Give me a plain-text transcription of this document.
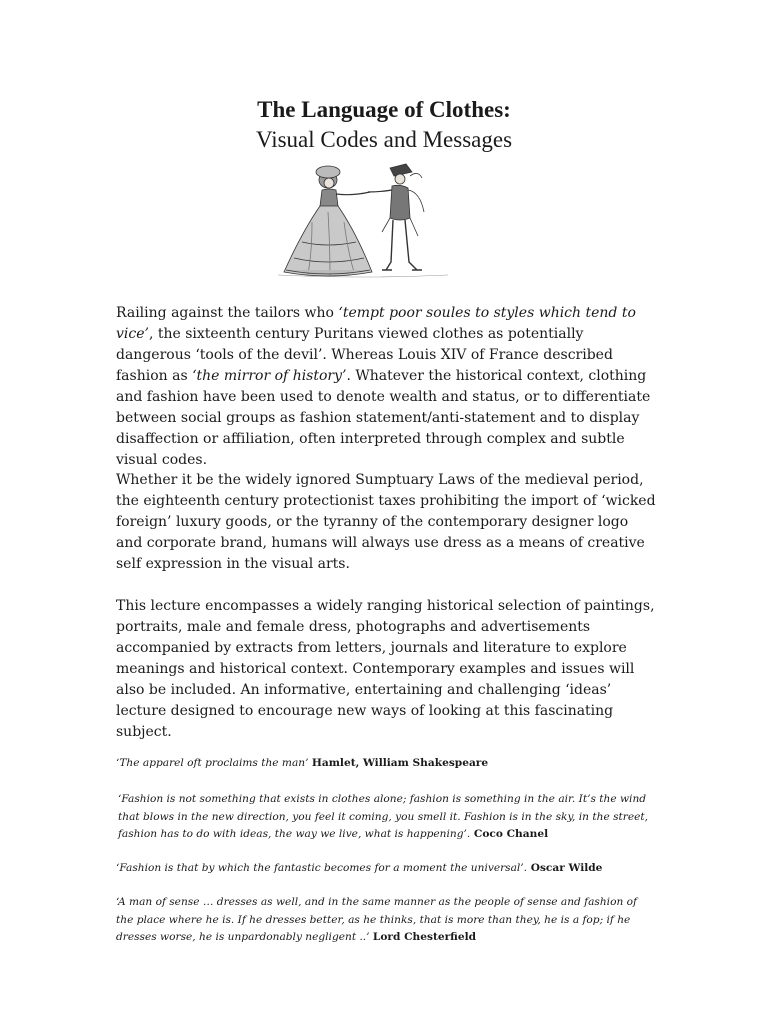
The Language of Clothes:
Visual Codes and Messages

Railing against the tailors who ‘tempt poor soules to styles which tend to vice’, the sixteenth century Puritans viewed clothes as potentially dangerous ‘tools of the devil’. Whereas Louis XIV of France described fashion as ‘the mirror of history’. Whatever the historical context, clothing and fashion have been used to denote wealth and status, or to differentiate between social groups as fashion statement/anti-statement and to display disaffection or affiliation, often interpreted through complex and subtle visual codes.

Whether it be the widely ignored Sumptuary Laws of the medieval period, the eighteenth century protectionist taxes prohibiting the import of ‘wicked foreign’ luxury goods, or the tyranny of the contemporary designer logo and corporate brand, humans will always use dress as a means of creative self expression in the visual arts.

This lecture encompasses a widely ranging historical selection of paintings, portraits, male and female dress, photographs and advertisements accompanied by extracts from letters, journals and literature to explore meanings and historical context. Contemporary examples and issues will also be included. An informative, entertaining and challenging ‘ideas’ lecture designed to encourage new ways of looking at this fascinating subject.

‘The apparel oft proclaims the man’ Hamlet, William Shakespeare
‘Fashion is not something that exists in clothes alone; fashion is something in the air. It’s the wind that blows in the new direction, you feel it coming, you smell it. Fashion is in the sky, in the street, fashion has to do with ideas, the way we live, what is happening’. Coco Chanel
‘Fashion is that by which the fantastic becomes for a moment the universal’. Oscar Wilde
‘A man of sense … dresses as well, and in the same manner as the people of sense and fashion of the place where he is. If he dresses better, as he thinks, that is more than they, he is a fop; if he dresses worse, he is unpardonably negligent ..’ Lord Chesterfield
